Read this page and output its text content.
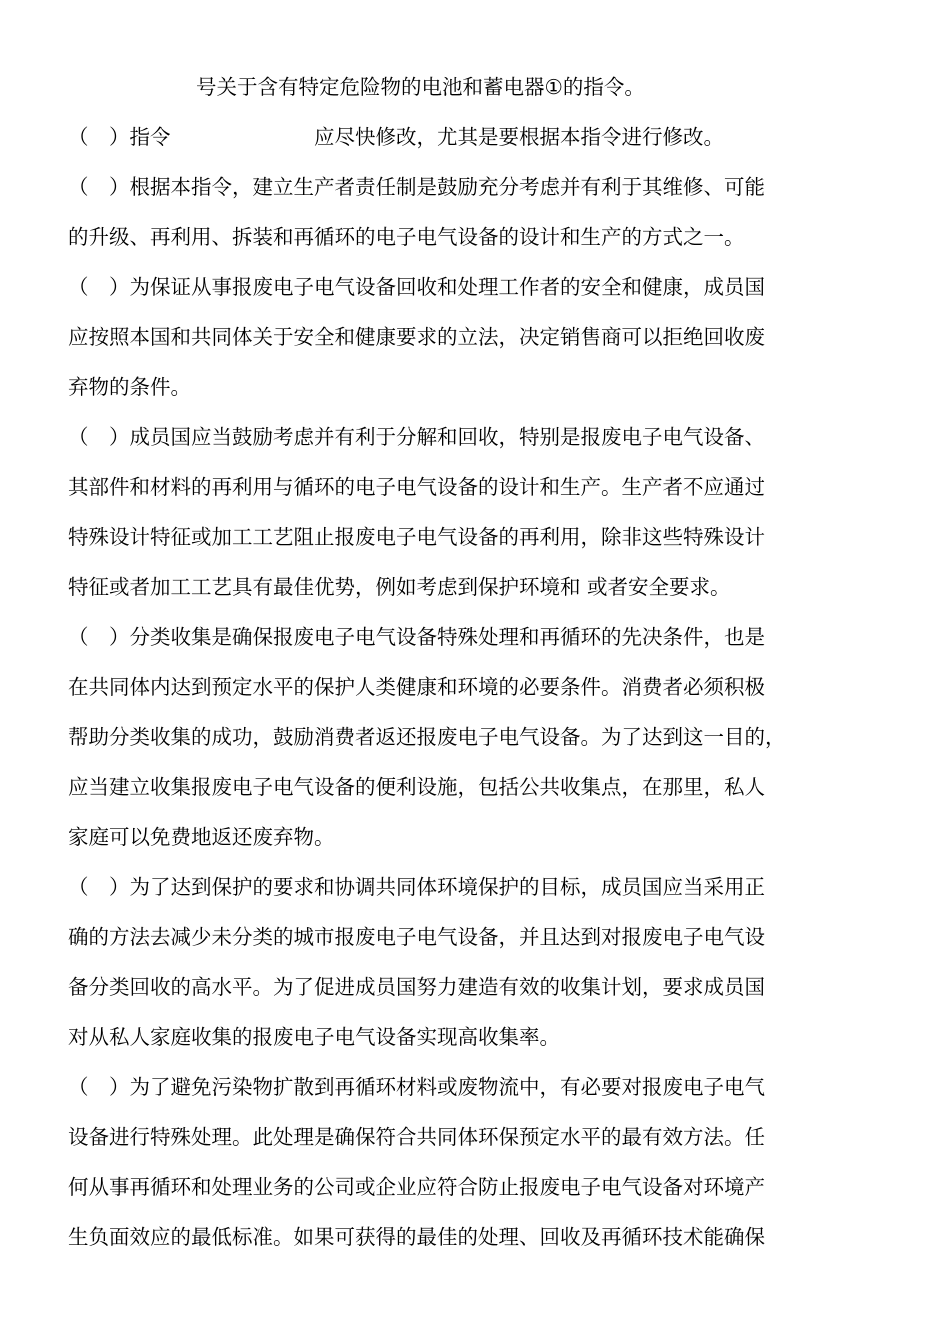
号关于含有特定危险物的电池和蓄电器①的指令。
（　）指令　　　　　　　应尽快修改，尤其是要根据本指令进行修改。
（　）根据本指令，建立生产者责任制是鼓励充分考虑并有利于其维修、可能
的升级、再利用、拆装和再循环的电子电气设备的设计和生产的方式之一。
（　）为保证从事报废电子电气设备回收和处理工作者的安全和健康，成员国
应按照本国和共同体关于安全和健康要求的立法，决定销售商可以拒绝回收废
弃物的条件。
（　）成员国应当鼓励考虑并有利于分解和回收，特别是报废电子电气设备、
其部件和材料的再利用与循环的电子电气设备的设计和生产。生产者不应通过
特殊设计特征或加工工艺阻止报废电子电气设备的再利用，除非这些特殊设计
特征或者加工工艺具有最佳优势，例如考虑到保护环境和 或者安全要求。
（　）分类收集是确保报废电子电气设备特殊处理和再循环的先决条件，也是
在共同体内达到预定水平的保护人类健康和环境的必要条件。消费者必须积极
帮助分类收集的成功，鼓励消费者返还报废电子电气设备。为了达到这一目的，
应当建立收集报废电子电气设备的便利设施，包括公共收集点，在那里，私人
家庭可以免费地返还废弃物。
（　）为了达到保护的要求和协调共同体环境保护的目标，成员国应当采用正
确的方法去减少未分类的城市报废电子电气设备，并且达到对报废电子电气设
备分类回收的高水平。为了促进成员国努力建造有效的收集计划，要求成员国
对从私人家庭收集的报废电子电气设备实现高收集率。
（　）为了避免污染物扩散到再循环材料或废物流中，有必要对报废电子电气
设备进行特殊处理。此处理是确保符合共同体环保预定水平的最有效方法。任
何从事再循环和处理业务的公司或企业应符合防止报废电子电气设备对环境产
生负面效应的最低标准。如果可获得的最佳的处理、回收及再循环技术能确保
